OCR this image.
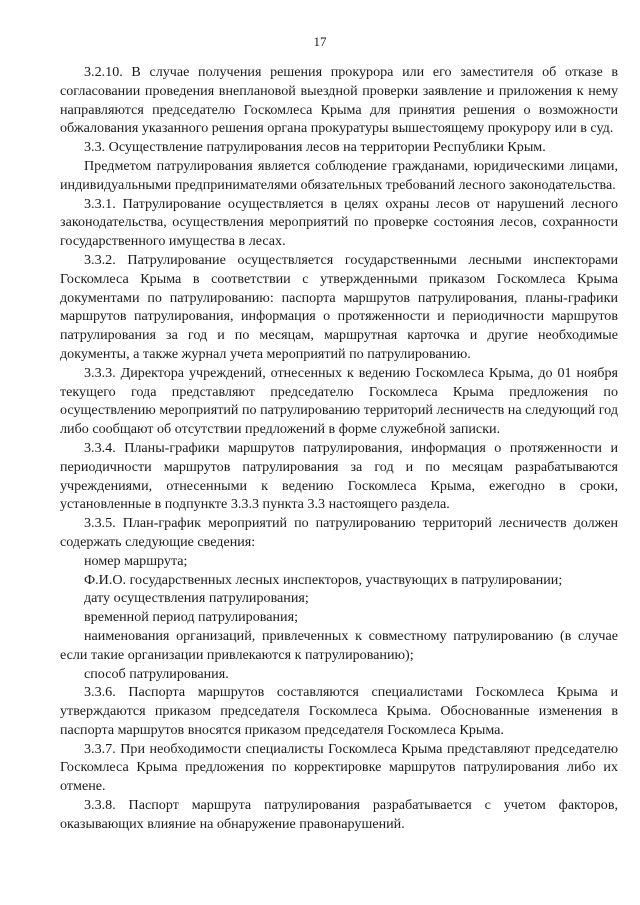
17

3.2.10. В случае получения решения прокурора или его заместителя об отказе в согласовании проведения внеплановой выездной проверки заявление и приложения к нему направляются председателю Госкомлеса Крыма для принятия решения о возможности обжалования указанного решения органа прокуратуры вышестоящему прокурору или в суд.

3.3. Осуществление патрулирования лесов на территории Республики Крым.

Предметом патрулирования является соблюдение гражданами, юридическими лицами, индивидуальными предпринимателями обязательных требований лесного законодательства.

3.3.1. Патрулирование осуществляется в целях охраны лесов от нарушений лесного законодательства, осуществления мероприятий по проверке состояния лесов, сохранности государственного имущества в лесах.

3.3.2. Патрулирование осуществляется государственными лесными инспекторами Госкомлеса Крыма в соответствии с утвержденными приказом Госкомлеса Крыма документами по патрулированию: паспорта маршрутов патрулирования, планы-графики маршрутов патрулирования, информация о протяженности и периодичности маршрутов патрулирования за год и по месяцам, маршрутная карточка и другие необходимые документы, а также журнал учета мероприятий по патрулированию.

3.3.3. Директора учреждений, отнесенных к ведению Госкомлеса Крыма, до 01 ноября текущего года представляют председателю Госкомлеса Крыма предложения по осуществлению мероприятий по патрулированию территорий лесничеств на следующий год либо сообщают об отсутствии предложений в форме служебной записки.

3.3.4. Планы-графики маршрутов патрулирования, информация о протяженности и периодичности маршрутов патрулирования за год и по месяцам разрабатываются учреждениями, отнесенными к ведению Госкомлеса Крыма, ежегодно в сроки, установленные в подпункте 3.3.3 пункта 3.3 настоящего раздела.

3.3.5. План-график мероприятий по патрулированию территорий лесничеств должен содержать следующие сведения:

номер маршрута;

Ф.И.О. государственных лесных инспекторов, участвующих в патрулировании;

дату осуществления патрулирования;

временной период патрулирования;

наименования организаций, привлеченных к совместному патрулированию (в случае если такие организации привлекаются к патрулированию);

способ патрулирования.

3.3.6. Паспорта маршрутов составляются специалистами Госкомлеса Крыма и утверждаются приказом председателя Госкомлеса Крыма. Обоснованные изменения в паспорта маршрутов вносятся приказом председателя Госкомлеса Крыма.

3.3.7. При необходимости специалисты Госкомлеса Крыма представляют председателю Госкомлеса Крыма предложения по корректировке маршрутов патрулирования либо их отмене.

3.3.8. Паспорт маршрута патрулирования разрабатывается с учетом факторов, оказывающих влияние на обнаружение правонарушений.
